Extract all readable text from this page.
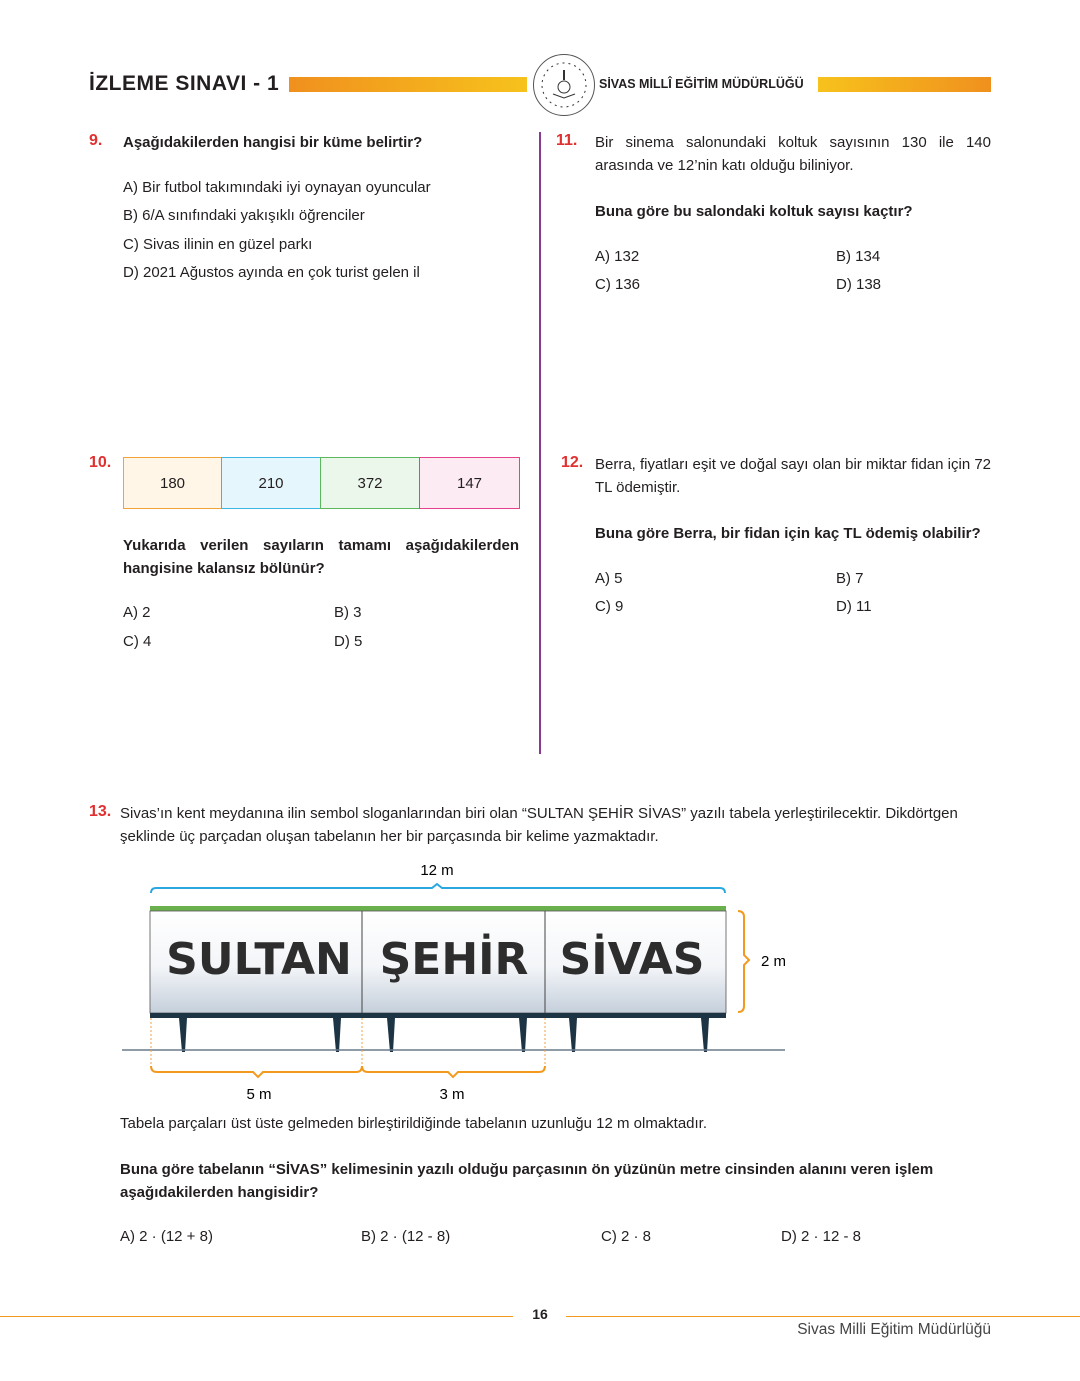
İZLEME SINAVI - 1	SİVAS MİLLÎ EĞİTİM MÜDÜRLÜĞÜ
9. Aşağıdakilerden hangisi bir küme belirtir?
A) Bir futbol takımındaki iyi oynayan oyuncular
B) 6/A sınıfındaki yakışıklı öğrenciler
C) Sivas ilinin en güzel parkı
D) 2021 Ağustos ayında en çok turist gelen il
10.
180	210	372	147
Yukarıda verilen sayıların tamamı aşağıdakilerden hangisine kalansız bölünür?
A) 2	B) 3
C) 4	D) 5
11. Bir sinema salonundaki koltuk sayısının 130 ile 140 arasında ve 12’nin katı olduğu biliniyor.
Buna göre bu salondaki koltuk sayısı kaçtır?
A) 132	B) 134
C) 136	D) 138
12. Berra, fiyatları eşit ve doğal sayı olan bir miktar fidan için 72 TL ödemiştir.
Buna göre Berra, bir fidan için kaç TL ödemiş olabilir?
A) 5	B) 7
C) 9	D) 11
13. Sivas’ın kent meydanına ilin sembol sloganlarından biri olan “SULTAN ŞEHİR SİVAS” yazılı tabela yerleştirilecektir. Dikdörtgen şeklinde üç parçadan oluşan tabelanın her bir parçasında bir kelime yazmaktadır.
12 m
SULTAN ŞEHİR SİVAS	2 m
5 m	3 m
Tabela parçaları üst üste gelmeden birleştirildiğinde tabelanın uzunluğu 12 m olmaktadır.
Buna göre tabelanın “SİVAS” kelimesinin yazılı olduğu parçasının ön yüzünün metre cinsinden alanını veren işlem aşağıdakilerden hangisidir?
A) 2 · (12 + 8)	B) 2 · (12 - 8)	C) 2 · 8	D) 2 · 12 - 8
16
Sivas Milli Eğitim Müdürlüğü
